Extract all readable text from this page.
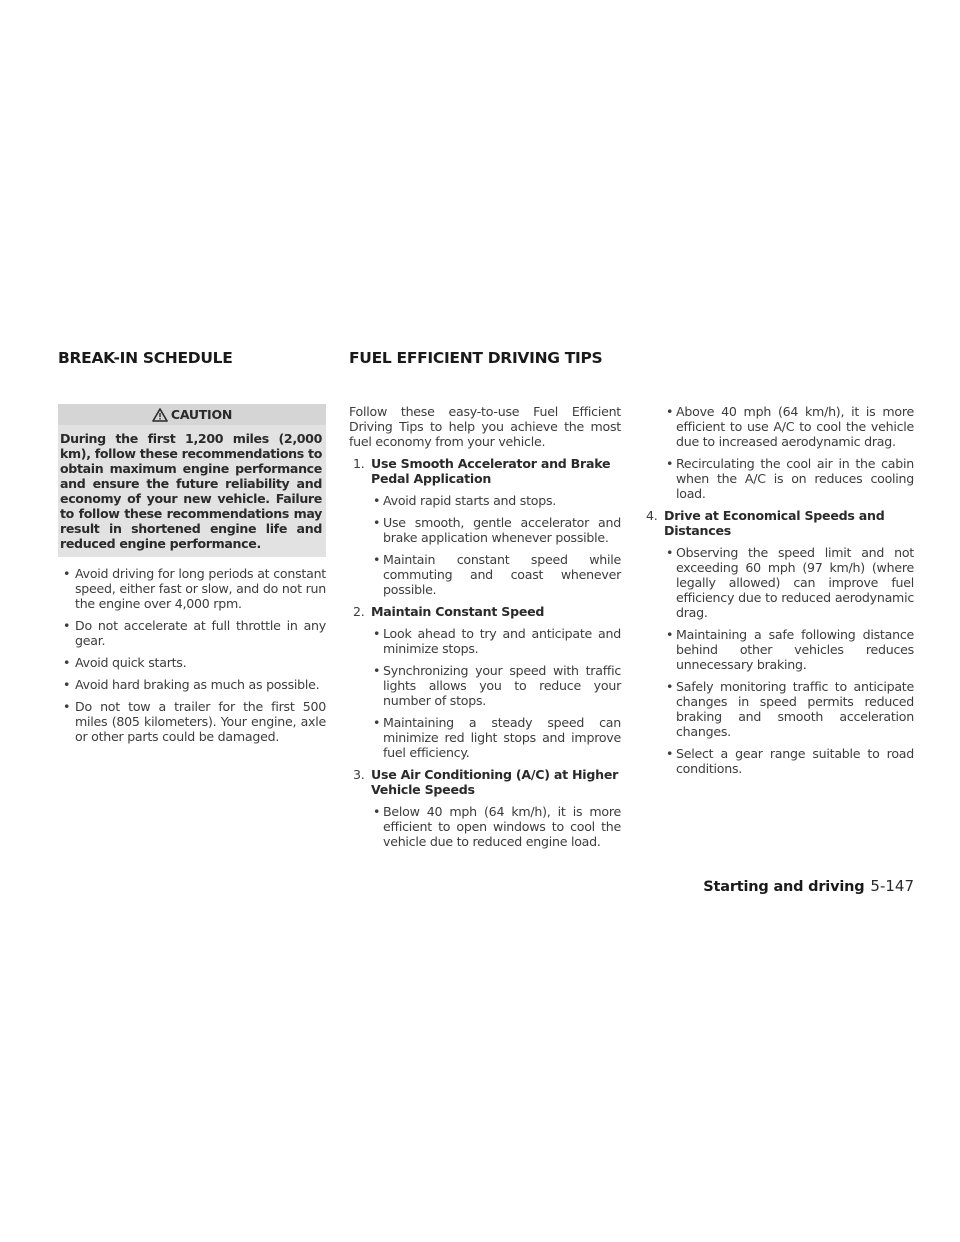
BREAK-IN SCHEDULE	FUEL EFFICIENT DRIVING TIPS
CAUTION
During the first 1,200 miles (2,000 km), follow these recommendations to obtain maximum engine performance and ensure the future reliability and economy of your new vehicle. Failure to follow these recommendations may result in shortened engine life and reduced engine performance.
• Avoid driving for long periods at constant speed, either fast or slow, and do not run the engine over 4,000 rpm.
• Do not accelerate at full throttle in any gear.
• Avoid quick starts.
• Avoid hard braking as much as possible.
• Do not tow a trailer for the first 500 miles (805 kilometers). Your engine, axle or other parts could be damaged.

Follow these easy-to-use Fuel Efficient Driving Tips to help you achieve the most fuel economy from your vehicle.

1. Use Smooth Accelerator and Brake Pedal Application
• Avoid rapid starts and stops.
• Use smooth, gentle accelerator and brake application whenever possible.
• Maintain constant speed while commuting and coast whenever possible.
2. Maintain Constant Speed
• Look ahead to try and anticipate and minimize stops.
• Synchronizing your speed with traffic lights allows you to reduce your number of stops.
• Maintaining a steady speed can minimize red light stops and improve fuel efficiency.
3. Use Air Conditioning (A/C) at Higher Vehicle Speeds
• Below 40 mph (64 km/h), it is more efficient to open windows to cool the vehicle due to reduced engine load.
• Above 40 mph (64 km/h), it is more efficient to use A/C to cool the vehicle due to increased aerodynamic drag.
• Recirculating the cool air in the cabin when the A/C is on reduces cooling load.
4. Drive at Economical Speeds and Distances
• Observing the speed limit and not exceeding 60 mph (97 km/h) (where legally allowed) can improve fuel efficiency due to reduced aerodynamic drag.
• Maintaining a safe following distance behind other vehicles reduces unnecessary braking.
• Safely monitoring traffic to anticipate changes in speed permits reduced braking and smooth acceleration changes.
• Select a gear range suitable to road conditions.
Starting and driving 5-147
